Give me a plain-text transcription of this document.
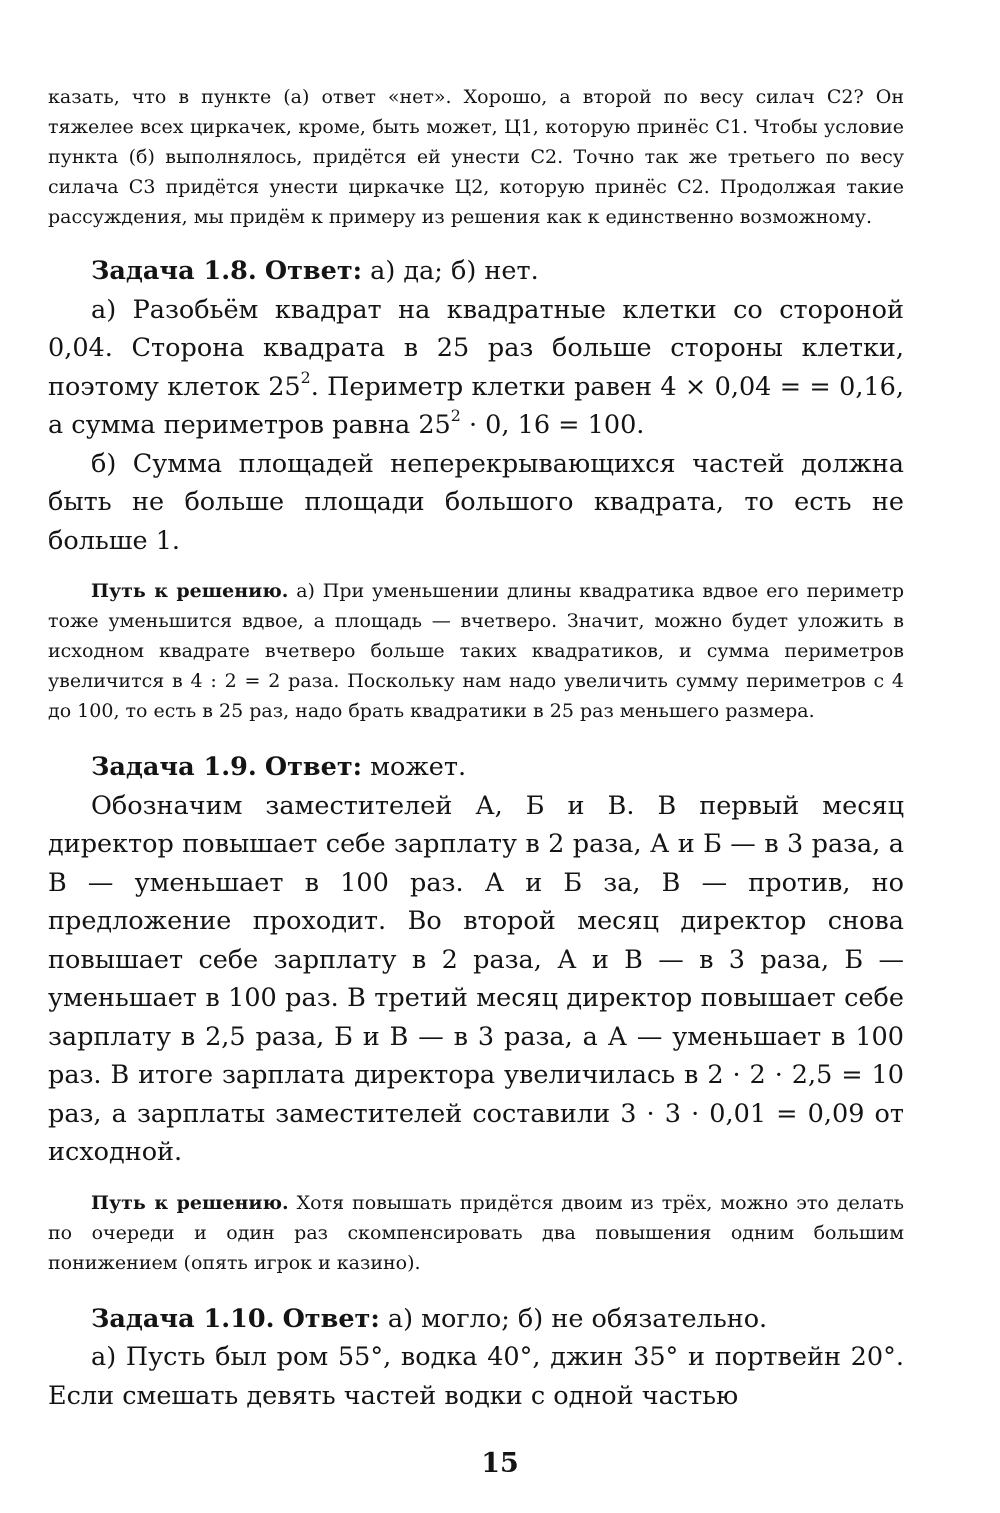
казать, что в пункте (а) ответ «нет». Хорошо, а второй по весу силач С2? Он тяжелее всех циркачек, кроме, быть может, Ц1, которую принёс С1. Чтобы условие пункта (б) выполнялось, придётся ей унести С2. Точно так же третьего по весу силача С3 придётся унести циркачке Ц2, которую принёс С2. Продолжая такие рассуждения, мы придём к примеру из решения как к единственно возможному.

Задача 1.8. Ответ: а) да; б) нет.

а) Разобьём квадрат на квадратные клетки со стороной 0,04. Сторона квадрата в 25 раз больше стороны клетки, поэтому клеток $25^2$. Периметр клетки равен 4 × 0,04 = = 0,16, а сумма периметров равна $25^2 \cdot 0$, 16 = 100.

б) Сумма площадей неперекрывающихся частей должна быть не больше площади большого квадрата, то есть не больше 1.

Путь к решению. а) При уменьшении длины квадратика вдвое его периметр тоже уменьшится вдвое, а площадь — вчетверо. Значит, можно будет уложить в исходном квадрате вчетверо больше таких квадратиков, и сумма периметров увеличится в 4 : 2 = 2 раза. Поскольку нам надо увеличить сумму периметров с 4 до 100, то есть в 25 раз, надо брать квадратики в 25 раз меньшего размера.

Задача 1.9. Ответ: может.

Обозначим заместителей А, Б и В. В первый месяц директор повышает себе зарплату в 2 раза, А и Б — в 3 раза, а В — уменьшает в 100 раз. А и Б за, В — против, но предложение проходит. Во второй месяц директор снова повышает себе зарплату в 2 раза, А и В — в 3 раза, Б — уменьшает в 100 раз. В третий месяц директор повышает себе зарплату в 2,5 раза, Б и В — в 3 раза, а А — уменьшает в 100 раз. В итоге зарплата директора увеличилась в 2 · 2 · 2,5 = 10 раз, а зарплаты заместителей составили 3 · 3 · 0,01 = 0,09 от исходной.

Путь к решению. Хотя повышать придётся двоим из трёх, можно это делать по очереди и один раз скомпенсировать два повышения одним большим понижением (опять игрок и казино).

Задача 1.10. Ответ: а) могло; б) не обязательно.

а) Пусть был ром 55°, водка 40°, джин 35° и портвейн 20°. Если смешать девять частей водки с одной частью

15
